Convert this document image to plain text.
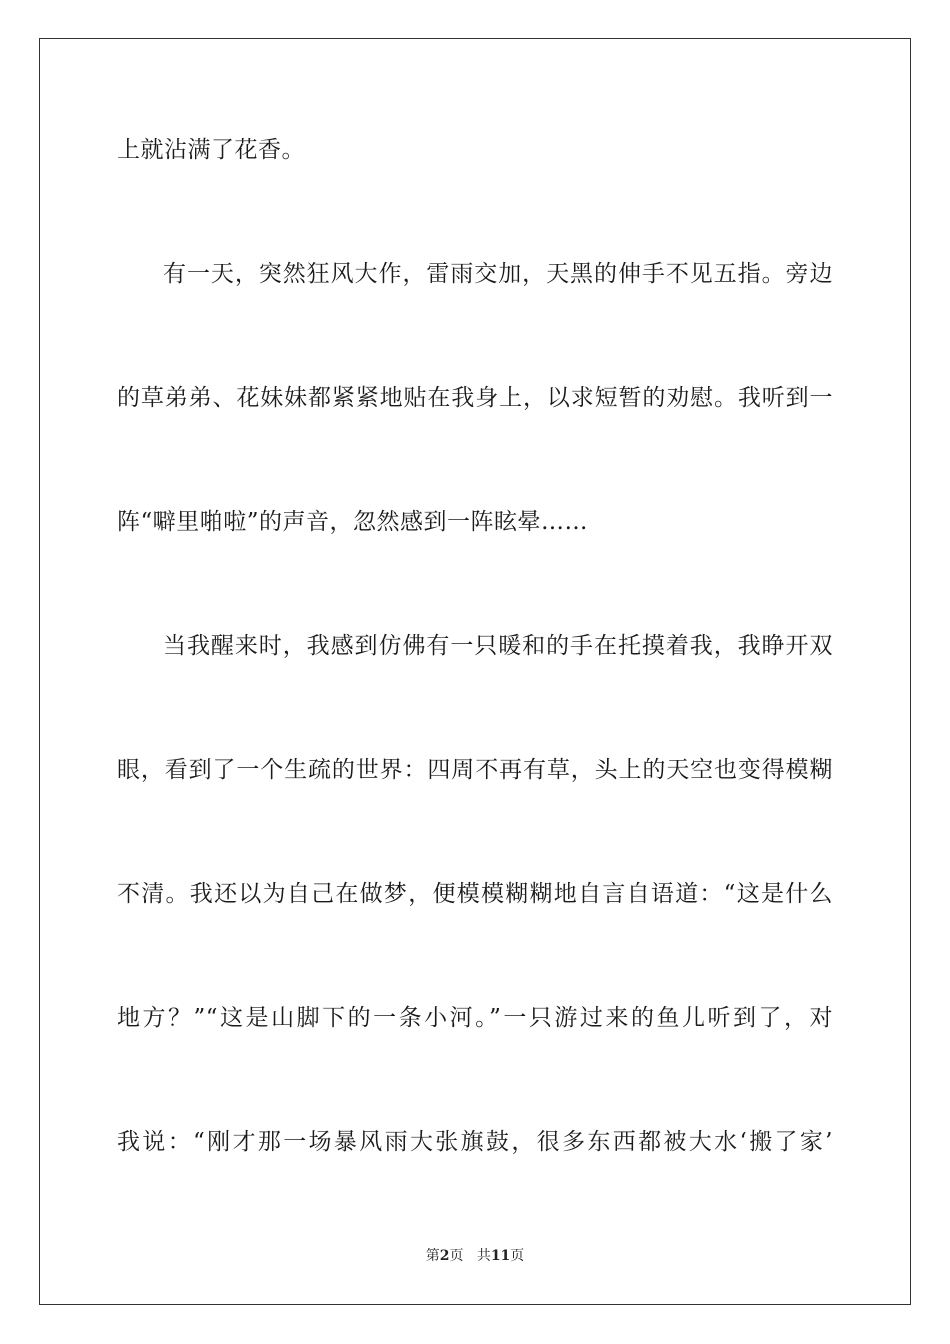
上就沾满了花香。
有一天，突然狂风大作，雷雨交加，天黑的伸手不见五指。旁边
的草弟弟、花妹妹都紧紧地贴在我身上，以求短暂的劝慰。我听到一
阵“噼里啪啦”的声音，忽然感到一阵眩晕……
当我醒来时，我感到仿佛有一只暖和的手在托摸着我，我睁开双
眼，看到了一个生疏的世界：四周不再有草，头上的天空也变得模糊
不清。我还以为自己在做梦，便模模糊糊地自言自语道：“这是什么
地方？”“这是山脚下的一条小河。”一只游过来的鱼儿听到了，对
我说：“刚才那一场暴风雨大张旗鼓，很多东西都被大水‘搬了家’
第2页 共11页
